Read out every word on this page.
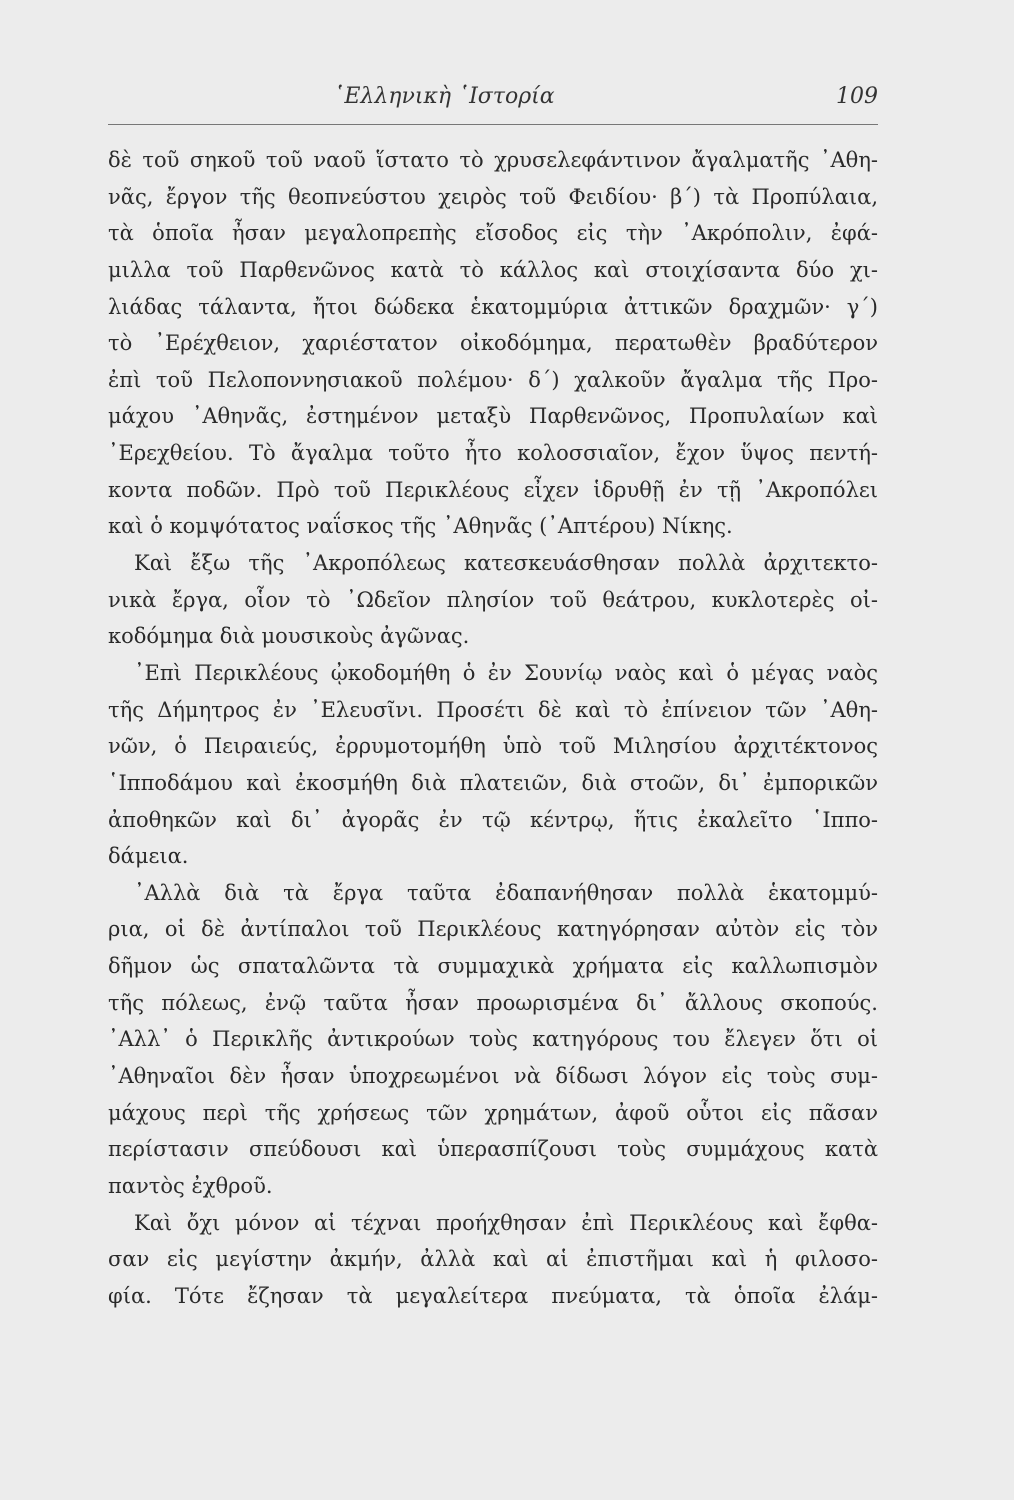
῾Ελληνικὴ ῾Ιστορία	109
δὲ τοῦ σηκοῦ τοῦ ναοῦ ἵστατο τὸ χρυσελεφάντινον ἄγαλματῆς ᾿Αθη-
νᾶς, ἔργον τῆς θεοπνεύστου χειρὸς τοῦ Φειδίου· β΄) τὰ Προπύλαια,
τὰ ὁποῖα ἦσαν μεγαλοπρεπὴς εἴσοδος εἰς τὴν ᾿Ακρόπολιν, ἐφά-
μιλλα τοῦ Παρθενῶνος κατὰ τὸ κάλλος καὶ στοιχίσαντα δύο χι-
λιάδας τάλαντα, ἤτοι δώδεκα ἑκατομμύρια ἀττικῶν δραχμῶν· γ΄)
τὸ ᾿Ερέχθειον, χαριέστατον οἰκοδόμημα, περατωθὲν βραδύτερον
ἐπὶ τοῦ Πελοποννησιακοῦ πολέμου· δ΄) χαλκοῦν ἄγαλμα τῆς Προ-
μάχου ᾿Αθηνᾶς, ἐστημένον μεταξὺ Παρθενῶνος, Προπυλαίων καὶ
᾿Ερεχθείου. Τὸ ἄγαλμα τοῦτο ἦτο κολοσσιαῖον, ἔχον ὕψος πεντή-
κοντα ποδῶν. Πρὸ τοῦ Περικλέους εἶχεν ἱδρυθῇ ἐν τῇ ᾿Ακροπόλει
καὶ ὁ κομψότατος ναΐσκος τῆς ᾿Αθηνᾶς (᾿Απτέρου) Νίκης.
Καὶ ἔξω τῆς ᾿Ακροπόλεως κατεσκευάσθησαν πολλὰ ἀρχιτεκτο-
νικὰ ἔργα, οἷον τὸ ᾿Ωδεῖον πλησίον τοῦ θεάτρου, κυκλοτερὲς οἰ-
κοδόμημα διὰ μουσικοὺς ἀγῶνας.
᾿Επὶ Περικλέους ᾠκοδομήθη ὁ ἐν Σουνίῳ ναὸς καὶ ὁ μέγας ναὸς
τῆς Δήμητρος ἐν ᾿Ελευσῖνι. Προσέτι δὲ καὶ τὸ ἐπίνειον τῶν ᾿Αθη-
νῶν, ὁ Πειραιεύς, ἐρρυμοτομήθη ὑπὸ τοῦ Μιλησίου ἀρχιτέκτονος
῾Ιπποδάμου καὶ ἐκοσμήθη διὰ πλατειῶν, διὰ στοῶν, δι᾿ ἐμπορικῶν
ἀποθηκῶν καὶ δι᾿ ἀγορᾶς ἐν τῷ κέντρῳ, ἥτις ἐκαλεῖτο ῾Ιππο-
δάμεια.
᾿Αλλὰ διὰ τὰ ἔργα ταῦτα ἐδαπανήθησαν πολλὰ ἑκατομμύ-
ρια, οἱ δὲ ἀντίπαλοι τοῦ Περικλέους κατηγόρησαν αὐτὸν εἰς τὸν
δῆμον ὡς σπαταλῶντα τὰ συμμαχικὰ χρήματα εἰς καλλωπισμὸν
τῆς πόλεως, ἐνῷ ταῦτα ἦσαν προωρισμένα δι᾿ ἄλλους σκοπούς.
᾿Αλλ᾿ ὁ Περικλῆς ἀντικρούων τοὺς κατηγόρους του ἔλεγεν ὅτι οἱ
᾿Αθηναῖοι δὲν ἦσαν ὑποχρεωμένοι νὰ δίδωσι λόγον εἰς τοὺς συμ-
μάχους περὶ τῆς χρήσεως τῶν χρημάτων, ἀφοῦ οὗτοι εἰς πᾶσαν
περίστασιν σπεύδουσι καὶ ὑπερασπίζουσι τοὺς συμμάχους κατὰ
παντὸς ἐχθροῦ.
Καὶ ὄχι μόνον αἱ τέχναι προήχθησαν ἐπὶ Περικλέους καὶ ἔφθα-
σαν εἰς μεγίστην ἀκμήν, ἀλλὰ καὶ αἱ ἐπιστῆμαι καὶ ἡ φιλοσο-
φία. Τότε ἔζησαν τὰ μεγαλείτερα πνεύματα, τὰ ὁποῖα ἐλάμ-
